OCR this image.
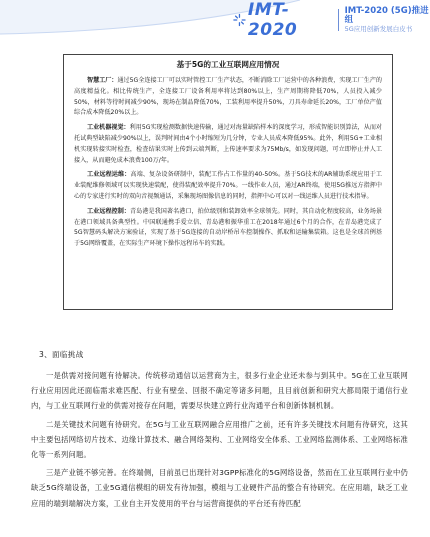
IMT-2020
IMT-2020 (5G)推进组
5G应用创新发展白皮书
基于5G的工业互联网应用情况

智慧工厂：通过5G全连接工厂可以实时管控工厂生产状态，不断消除工厂运营中的各种浪费，实现工厂生产的高度精益化。相比传统生产，全连接工厂设备利用率将达到80%以上，生产周期将降低70%，人员投入减少50%，材料等待时间减少90%，现场在制品降低70%，工装利用率提升50%，刀具寿命延长20%，工厂单位产值综合成本降低20%以上。

工业机器视觉：利用5G实现检测数据快速传输，通过对海量缺陷样本的深度学习，形成智能识别算法，从而对托试典型缺陷减少90%以上，误判时间由4个小时缩短为几分钟，专业人员成本降低95%。此外，利用5G+工业相机实现转接实时检查，检查结果实时上传到云端判断，上传速率要求为75Mb/s，如发现问题，可立即停止并人工接入，从而避免成本浪费100万/年。

工业远程运维：高端、复杂设备研制中，装配工作占工作量的40-50%。基于5G技术的AR辅助系统应用于工业装配维修领域可以实现快速装配，使得装配效率提升70%。一线作业人员，通过AR终端，使用5G推远方指挥中心的专家进行实时的双向音视频通话，采集现场图像信息的同时，指挥中心可以对一线运维人员进行技术指导。

工业远程控制：青岛港是我国著名港口，拍位级别和装卸效率全球领先。同时，其自动化程度较高，业务场景在港口领域具备典型性。中国联通携手爱立信、青岛港和振华重工在2018年通过6个月的合作，在青岛港完成了5G智慧码头解决方案验证，实现了基于5G连接的自动岸桥吊车控制操作、抓取和运输集装箱。这也是全球首例基于5G网络覆盖，在实际生产环境下操作远程吊车的实践。

3、面临挑战

一是供需对接问题有待解决。传统移动通信以运营商为主，很多行业企业还未参与到其中。5G在工业互联网行业应用因此还面临需求难匹配、行业有壁垒、回报不确定等诸多问题，且目前创新和研究大都局限于通信行业内，与工业互联网行业的供需对接存在问题，需要尽快建立跨行业沟通平台和创新体制机制。

二是关键技术问题有待研究。在5G与工业互联网融合应用推广之前，还有许多关键技术问题有待研究，这其中主要包括网络切片技术、边缘计算技术、融合网络架构、工业网络安全体系、工业网络监测体系、工业网络标准化等一系列问题。

三是产业链不够完善。在终端侧，目前虽已出现针对3GPP标准化的5G网络设备，然而在工业互联网行业中仍缺乏5G终端设备，工业5G通信模组的研发有待加强，模组与工业硬件产品的整合有待研究。在应用端，缺乏工业应用的端到端解决方案，工业自主开发使用的平台与运营商提供的平台还有待匹配
